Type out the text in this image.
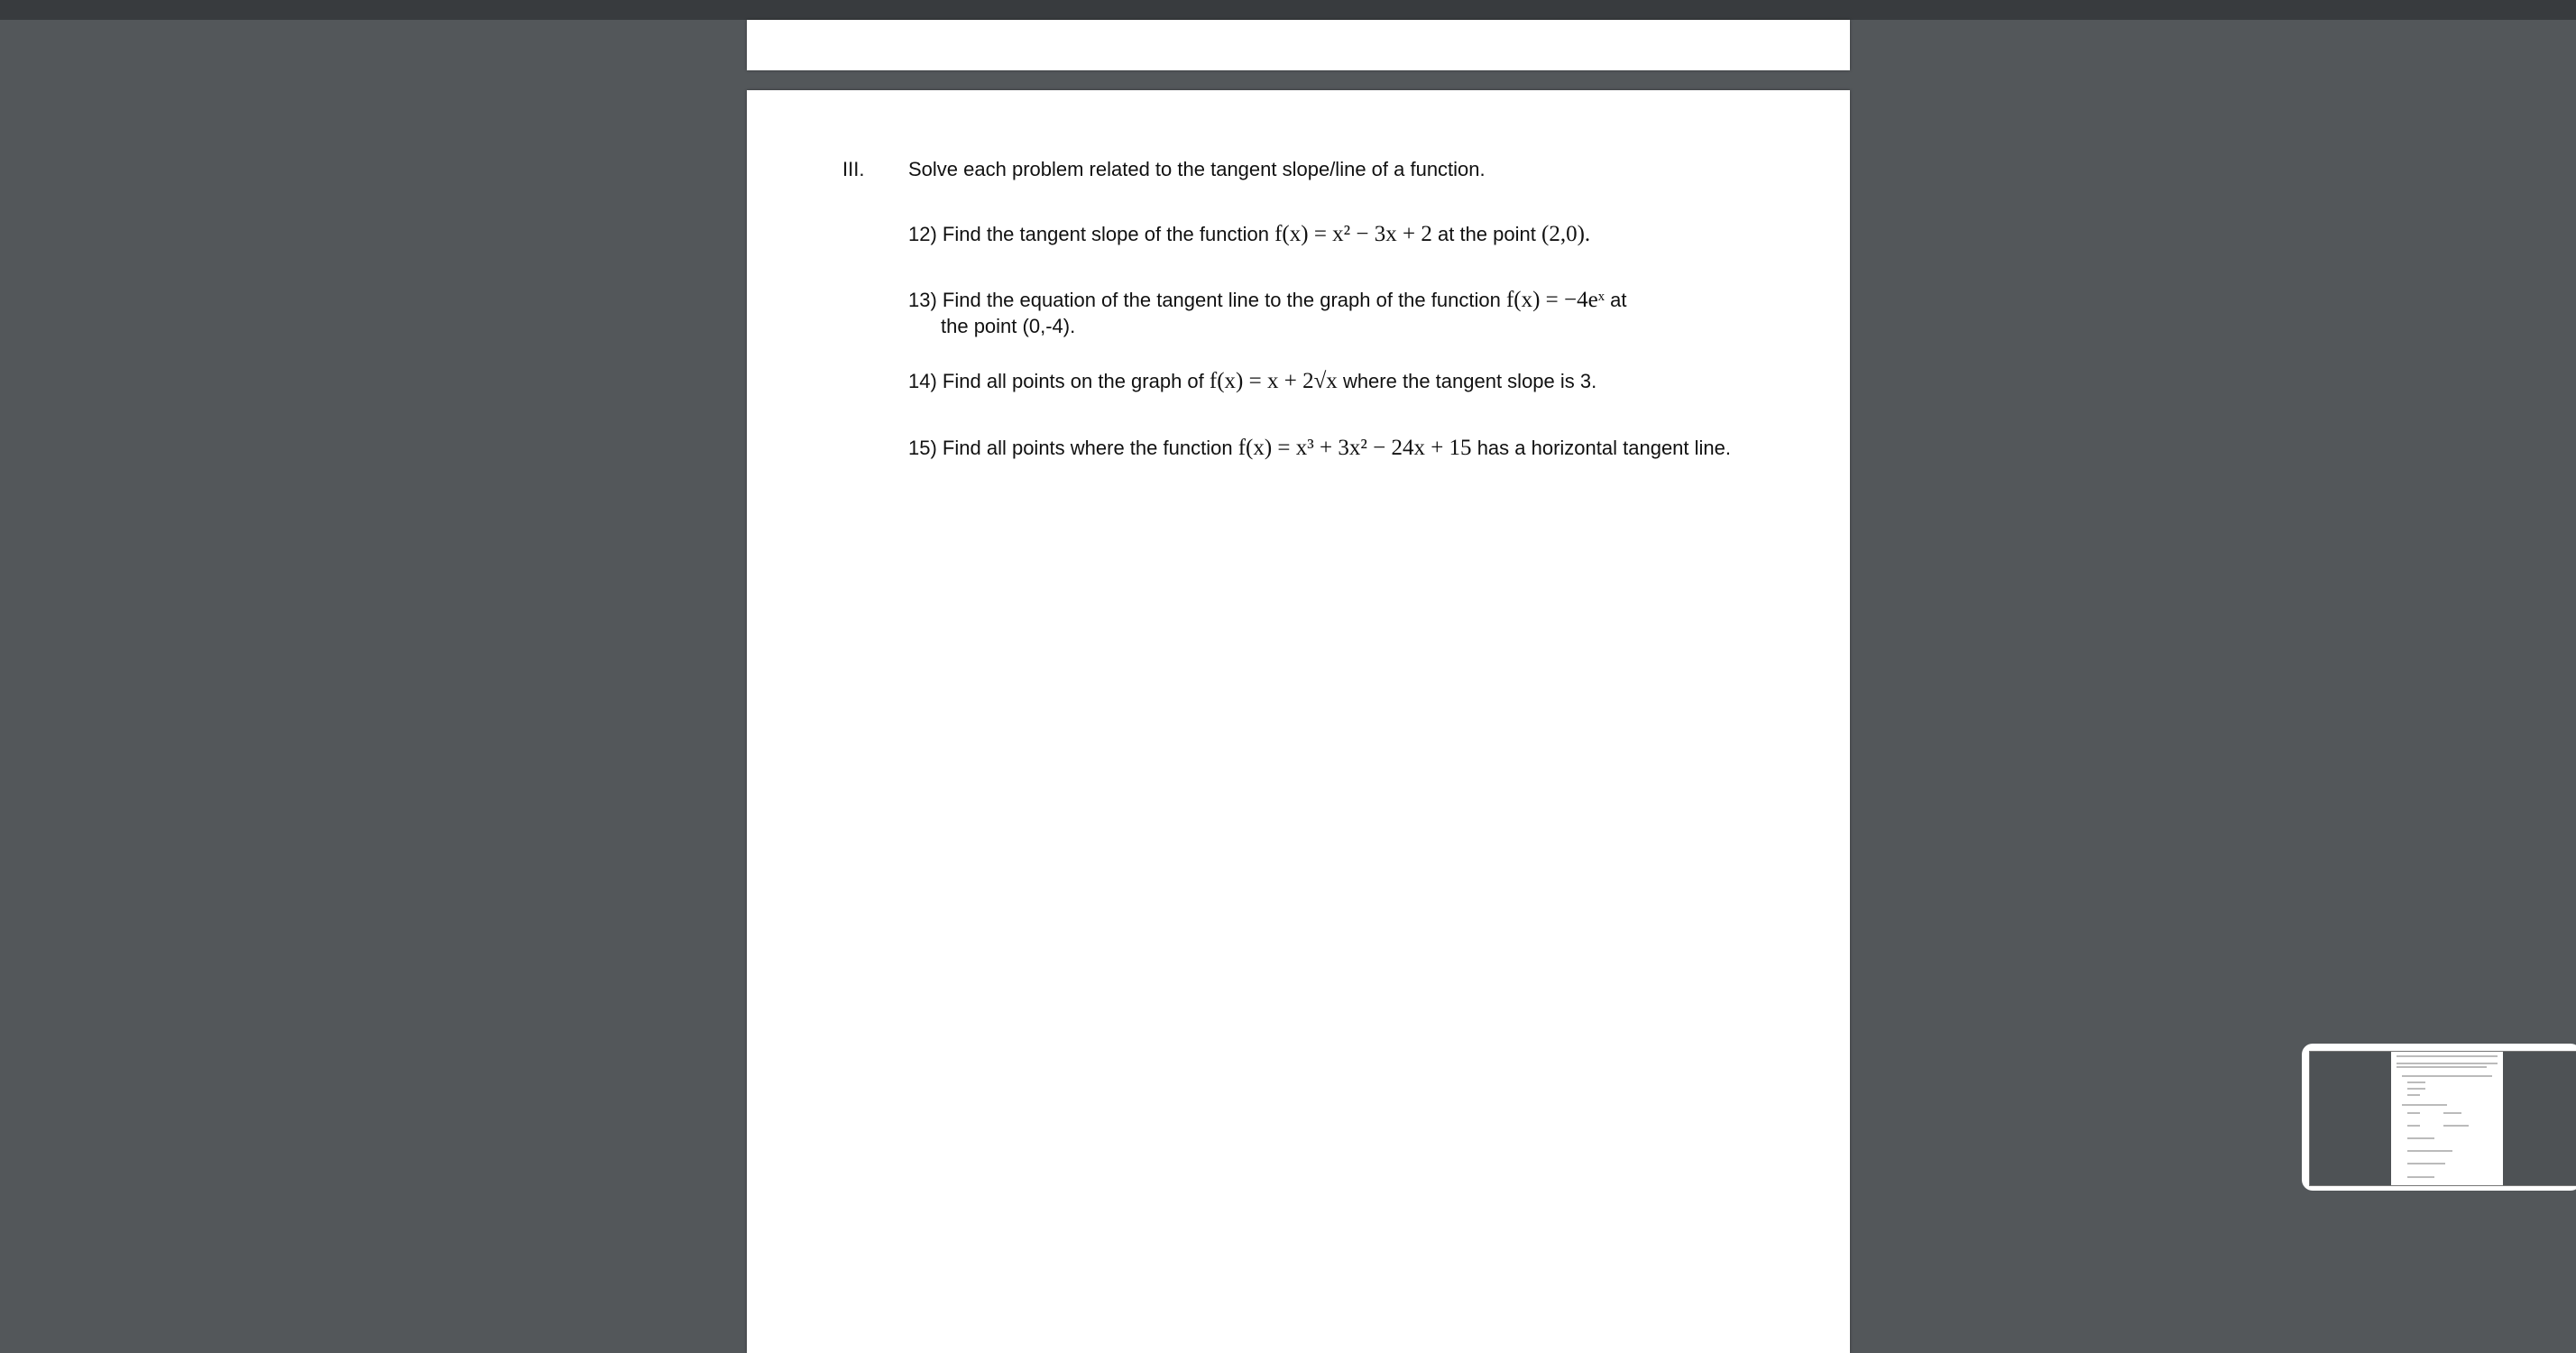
III. Solve each problem related to the tangent slope/line of a function.
12) Find the tangent slope of the function f(x) = x² − 3x + 2 at the point (2,0).
13) Find the equation of the tangent line to the graph of the function f(x) = −4eˣ at
the point (0,-4).
14) Find all points on the graph of f(x) = x + 2√x where the tangent slope is 3.
15) Find all points where the function f(x) = x³ + 3x² − 24x + 15 has a horizontal tangent line.
